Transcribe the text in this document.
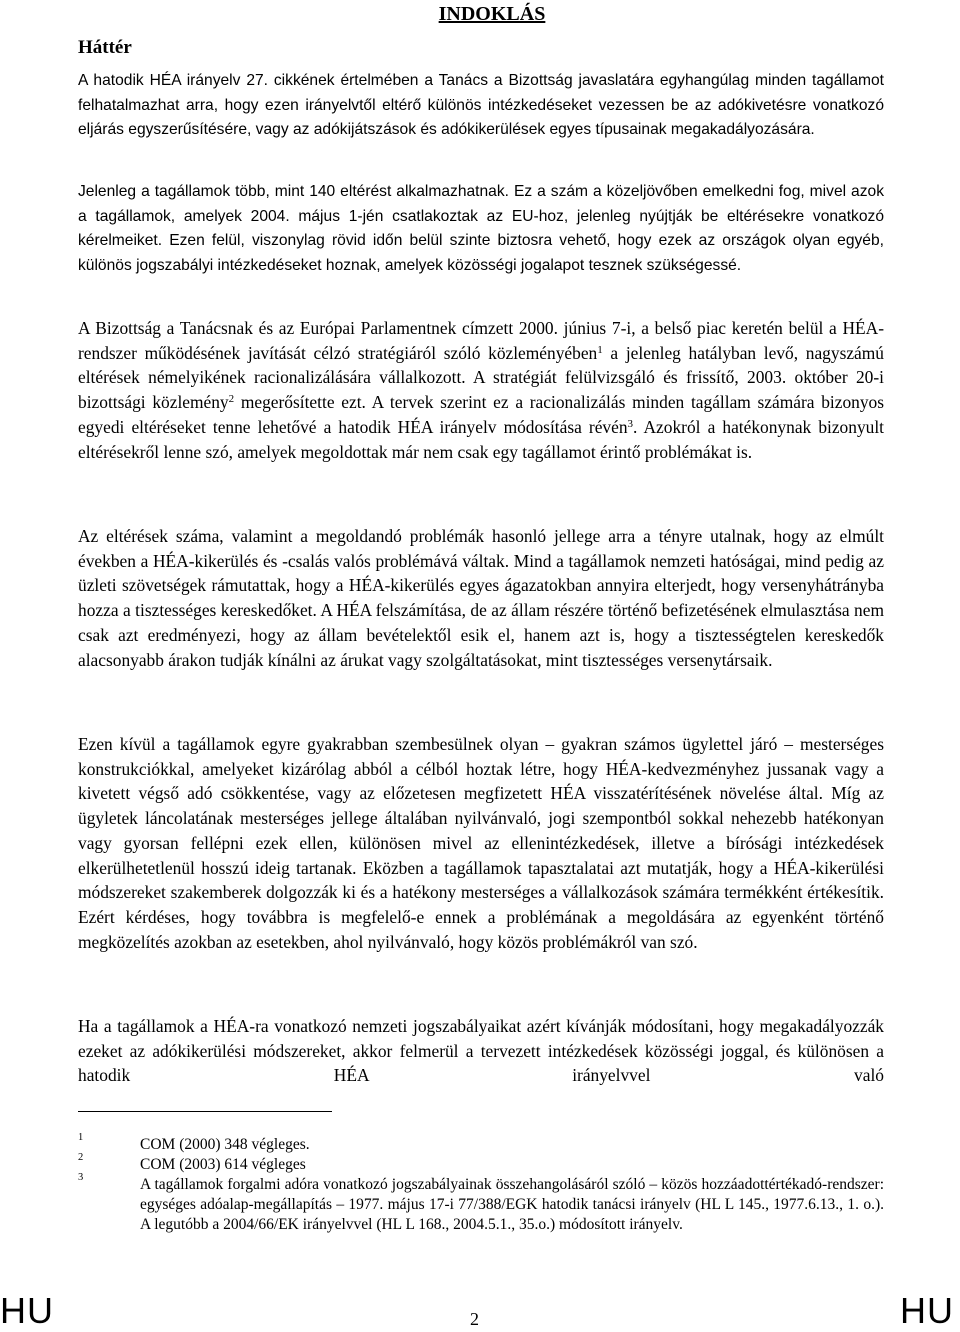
INDOKLÁS
Háttér
A hatodik HÉA irányelv 27. cikkének értelmében a Tanács a Bizottság javaslatára egyhangúlag minden tagállamot felhatalmazhat arra, hogy ezen irányelvtől eltérő különös intézkedéseket vezessen be az adókivetésre vonatkozó eljárás egyszerűsítésére, vagy az adókijátszások és adókikerülések egyes típusainak megakadályozására.
Jelenleg a tagállamok több, mint 140 eltérést alkalmazhatnak. Ez a szám a közeljövőben emelkedni fog, mivel azok a tagállamok, amelyek 2004. május 1-jén csatlakoztak az EU-hoz, jelenleg nyújtják be eltérésekre vonatkozó kérelmeiket. Ezen felül, viszonylag rövid időn belül szinte biztosra vehető, hogy ezek az országok olyan egyéb, különös jogszabályi intézkedéseket hoznak, amelyek közösségi jogalapot tesznek szükségessé.
A Bizottság a Tanácsnak és az Európai Parlamentnek címzett 2000. június 7-i, a belső piac keretén belül a HÉA-rendszer működésének javítását célzó stratégiáról szóló közleményében$^1$ a jelenleg hatályban levő, nagyszámú eltérések némelyikének racionalizálására vállalkozott. A stratégiát felülvizsgáló és frissítő, 2003. október 20-i bizottsági közlemény$^2$ megerősítette ezt. A tervek szerint ez a racionalizálás minden tagállam számára bizonyos egyedi eltéréseket tenne lehetővé a hatodik HÉA irányelv módosítása révén$^3$. Azokról a hatékonynak bizonyult eltérésekről lenne szó, amelyek megoldottak már nem csak egy tagállamot érintő problémákat is.
Az eltérések száma, valamint a megoldandó problémák hasonló jellege arra a tényre utalnak, hogy az elmúlt években a HÉA-kikerülés és -csalás valós problémává váltak. Mind a tagállamok nemzeti hatóságai, mind pedig az üzleti szövetségek rámutattak, hogy a HÉA-kikerülés egyes ágazatokban annyira elterjedt, hogy versenyhátrányba hozza a tisztességes kereskedőket. A HÉA felszámítása, de az állam részére történő befizetésének elmulasztása nem csak azt eredményezi, hogy az állam bevételektől esik el, hanem azt is, hogy a tisztességtelen kereskedők alacsonyabb árakon tudják kínálni az árukat vagy szolgáltatásokat, mint tisztességes versenytársaik.
Ezen kívül a tagállamok egyre gyakrabban szembesülnek olyan – gyakran számos ügylettel járó – mesterséges konstrukciókkal, amelyeket kizárólag abból a célból hoztak létre, hogy HÉA-kedvezményhez jussanak vagy a kivetett végső adó csökkentése, vagy az előzetesen megfizetett HÉA visszatérítésének növelése által. Míg az ügyletek láncolatának mesterséges jellege általában nyilvánvaló, jogi szempontból sokkal nehezebb hatékonyan vagy gyorsan fellépni ezek ellen, különösen mivel az ellenintézkedések, illetve a bírósági intézkedések elkerülhetetlenül hosszú ideig tartanak. Eközben a tagállamok tapasztalatai azt mutatják, hogy a HÉA-kikerülési módszereket szakemberek dolgozzák ki és a hatékony mesterséges a vállalkozások számára termékként értékesítik. Ezért kérdéses, hogy továbbra is megfelelő-e ennek a problémának a megoldására az egyenként történő megközelítés azokban az esetekben, ahol nyilvánvaló, hogy közös problémákról van szó.
Ha a tagállamok a HÉA-ra vonatkozó nemzeti jogszabályaikat azért kívánják módosítani, hogy megakadályozzák ezeket az adókikerülési módszereket, akkor felmerül a tervezett intézkedések közösségi joggal, és különösen a hatodik HÉA irányelvvel való
1	COM (2000) 348 végleges.
2	COM (2003) 614 végleges
3	A tagállamok forgalmi adóra vonatkozó jogszabályainak összehangolásáról szóló – közös hozzáadottértékadó-rendszer: egységes adóalap-megállapítás – 1977. május 17-i 77/388/EGK hatodik tanácsi irányelv (HL L 145., 1977.6.13., 1. o.). A legutóbb a 2004/66/EK irányelvvel (HL L 168., 2004.5.1., 35.o.) módosított irányelv.
HU	2	HU
